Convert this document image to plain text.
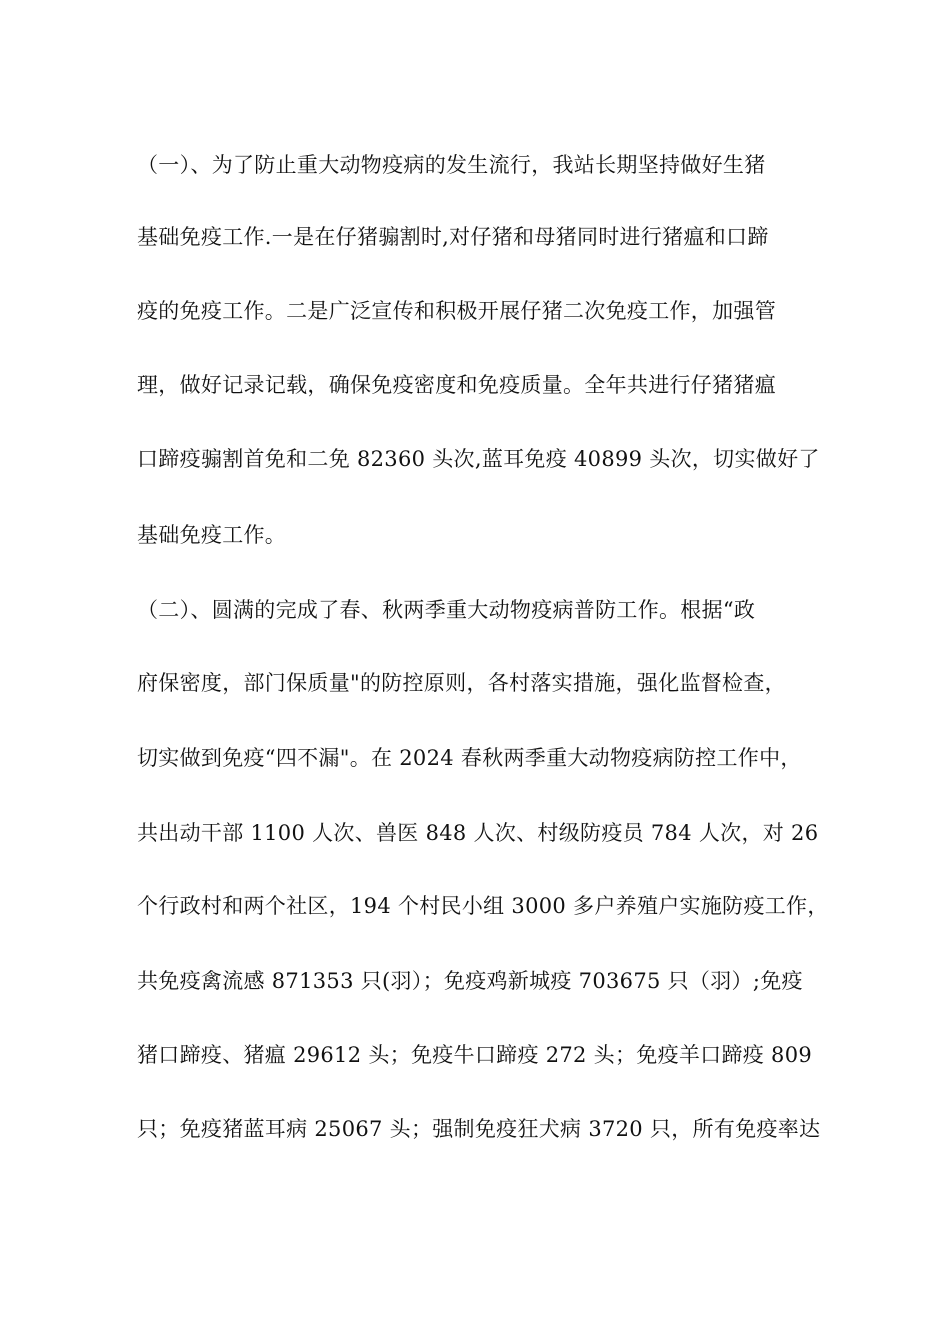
（一）、为了防止重大动物疫病的发生流行，我站长期坚持做好生猪
基础免疫工作.一是在仔猪骟割时,对仔猪和母猪同时进行猪瘟和口蹄
疫的免疫工作。二是广泛宣传和积极开展仔猪二次免疫工作，加强管
理，做好记录记载，确保免疫密度和免疫质量。全年共进行仔猪猪瘟
口蹄疫骟割首免和二免 82360 头次,蓝耳免疫 40899 头次，切实做好了
基础免疫工作。
（二）、圆满的完成了春、秋两季重大动物疫病普防工作。根据“政
府保密度，部门保质量"的防控原则，各村落实措施，强化监督检查，
切实做到免疫“四不漏"。在 2024 春秋两季重大动物疫病防控工作中，
共出动干部 1100 人次、兽医 848 人次、村级防疫员 784 人次，对 26
个行政村和两个社区，194 个村民小组 3000 多户养殖户实施防疫工作，
共免疫禽流感 871353 只(羽）；免疫鸡新城疫 703675 只（羽）;免疫
猪口蹄疫、猪瘟 29612 头；免疫牛口蹄疫 272 头；免疫羊口蹄疫 809
只；免疫猪蓝耳病 25067 头；强制免疫狂犬病 3720 只，所有免疫率达
